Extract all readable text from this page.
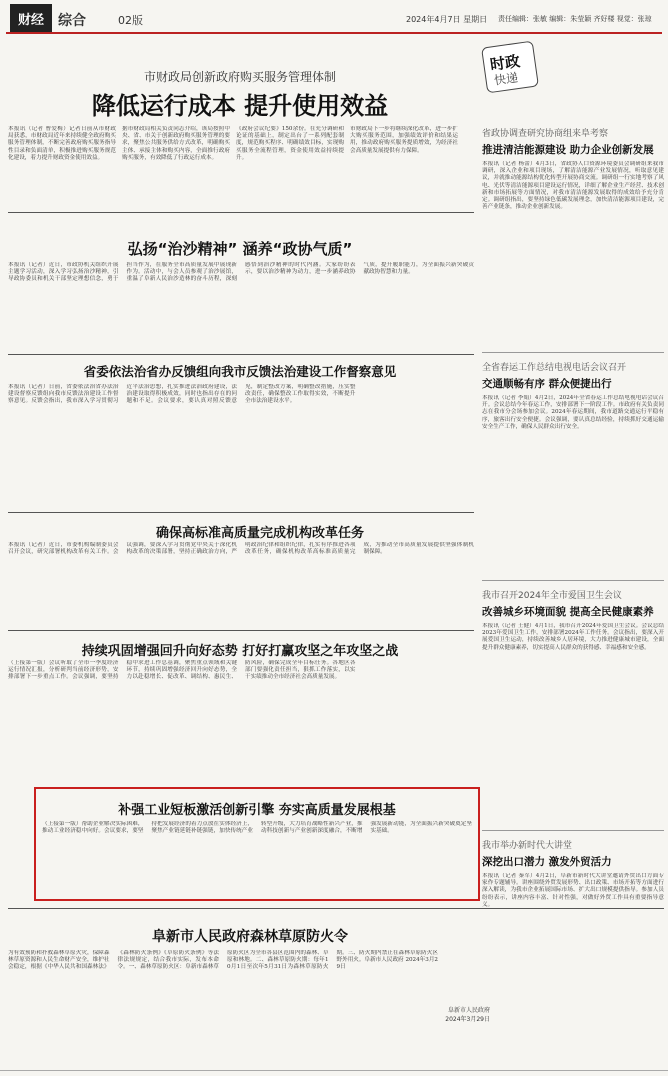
财经	综合	02版	2024年4月7日 星期日 责任编辑：张敏 编辑：朱莹颖 齐好楼 视觉：张琼
市财政局创新政府购买服务管理体制
降低运行成本 提升使用效益
本报讯（记者 曹爱梅）记者日前从市财政局获悉，市财政局近年来持续健全政府购买服务管理体制，不断完善政府购买服务指导性目录和负面清单，积极推进购买服务规范化建设，着力提升财政资金使用效益。
据市财政局相关负责同志介绍，该局按照中央、省、市关于创新政府购买服务管理的要求，聚焦公共服务供给方式改革，明确购买主体、承接主体和购买内容，全面推行政府购买服务，有效降低了行政运行成本。
《政府会议纪要》150余份。在充分调研和论证的基础上，制定出台了一系列配套制度，规范购买程序、明确绩效目标，实现购买服务全流程管理，资金使用效益持续提升。
市财政局下一步将继续深化改革，进一步扩大购买服务范围，加强绩效评价和结果运用，推动政府购买服务提质增效，为经济社会高质量发展提供有力保障。
弘扬“治沙精神” 涵养“政协气质”
本报讯（记者）近日，市政协机关组织开展主题学习活动，深入学习弘扬治沙精神，引导政协委员和机关干部坚定理想信念，勇于担当作为，在服务全市高质量发展中展现新作为。活动中，与会人员参观了治沙展馆，重温了阜新人民治沙造林的奋斗历程，深刻感悟到治沙精神的时代内涵。大家纷纷表示，要以治沙精神为动力，进一步涵养政协气质，提升履职能力，为全面振兴新突破贡献政协智慧和力量。
省委依法治省办反馈组向我市反馈法治建设工作督察意见
本报讯（记者）日前，省委依法治省办法治建设督察反馈组向我市反馈法治建设工作督察意见。反馈会指出，我市深入学习贯彻习近平法治思想，扎实推进法治政府建设，法治建设取得积极成效，同时也指出存在的问题和不足。会议要求，要认真对照反馈意见，制定整改方案，明确整改措施，压实整改责任，确保整改工作取得实效，不断提升全市法治建设水平。
确保高标准高质量完成机构改革任务
本报讯（记者）近日，市委机构编制委员会召开会议，研究部署机构改革有关工作。会议强调，要深入学习贯彻党中央关于深化机构改革的决策部署，坚持正确政治方向，严明政治纪律和组织纪律，扎实有序推进各项改革任务，确保机构改革高标准高质量完成，为推动全市高质量发展提供坚强体制机制保障。
持续巩固增强回升向好态势 打好打赢攻坚之年攻坚之战
（上接第一版）会议听取了全市一季度经济运行情况汇报，分析研判当前经济形势，安排部署下一步重点工作。会议强调，要坚持稳中求进工作总基调，聚焦重点领域和关键环节，持续巩固增强经济回升向好态势，全力以赴稳增长、促改革、调结构、惠民生、防风险，确保完成全年目标任务。各地区各部门要强化责任担当，狠抓工作落实，以实干实绩推动全市经济社会高质量发展。
补强工业短板激活创新引擎 夯实高质量发展根基
（上接第一版）帮助企业解决实际困难，推动工业经济稳中向好。会议要求，要坚持把发展经济的着力点放在实体经济上，聚焦产业链延链补链强链，加快传统产业转型升级，大力培育战略性新兴产业，推动科技创新与产业创新深度融合，不断增强发展新动能，为全面振兴新突破奠定坚实基础。
阜新市人民政府森林草原防火令
为有效预防和扑救森林草原火灾，保障森林草原资源和人民生命财产安全，维护社会稳定，根据《中华人民共和国森林法》《森林防火条例》《草原防火条例》等法律法规规定，结合我市实际，发布本命令。一、森林草原防火区：阜新市森林草原防火区为全市各县区范围内的森林、草原和林地。二、森林草原防火期：每年10月1日至次年5月31日为森林草原防火期。三、防火期内禁止在森林草原防火区野外用火。阜新市人民政府 2024年3月29日
阜新市人民政府
2024年3月29日
时政
快递
省政协调查研究协商组来阜考察
推进清洁能源建设 助力企业创新发展
本报讯（记者 杨蕾）4月3日，省政协人口资源环境委员会调研组来我市调研，深入企业和项目现场，了解清洁能源产业发展情况，听取意见建议，并就推动能源结构优化转型开展协商交流。调研组一行实地考察了风电、光伏等清洁能源项目建设运行情况，详细了解企业生产经营、技术创新和市场拓展等方面情况，对我市清洁能源发展取得的成效给予充分肯定。调研组指出，要坚持绿色低碳发展理念，加快清洁能源项目建设，完善产业链条，推动企业创新发展。
全省春运工作总结电视电话会议召开
交通顺畅有序 群众便捷出行
本报讯（记者 李娟）4月2日，2024年全省春运工作总结电视电话会议召开。会议总结今年春运工作，安排部署下一阶段工作。市政府有关负责同志在我市分会场参加会议。2024年春运期间，我市道路交通运行平稳有序，旅客出行安全便捷。会议强调，要认真总结经验，持续抓好交通运输安全生产工作，确保人民群众出行安全。
我市召开2024年全市爱国卫生会议
改善城乡环境面貌 提高全民健康素养
本报讯（记者 王健）4月1日，我市召开2024年爱国卫生会议。会议总结2023年爱国卫生工作，安排部署2024年工作任务。会议指出，要深入开展爱国卫生运动，持续改善城乡人居环境，大力推进健康城市建设，全面提升群众健康素养，切实提高人民群众的获得感、幸福感和安全感。
我市举办新时代大讲堂
深挖出口潜力 激发外贸活力
本报讯（记者 秦军）4月2日，阜新市新时代大讲堂邀请外贸出口方面专家作专题辅导。讲座围绕外贸发展形势、出口政策、市场开拓等方面进行深入解读，为我市企业拓展国际市场、扩大出口规模提供指导。参加人员纷纷表示，讲座内容丰富、针对性强，对做好外贸工作具有重要指导意义。
